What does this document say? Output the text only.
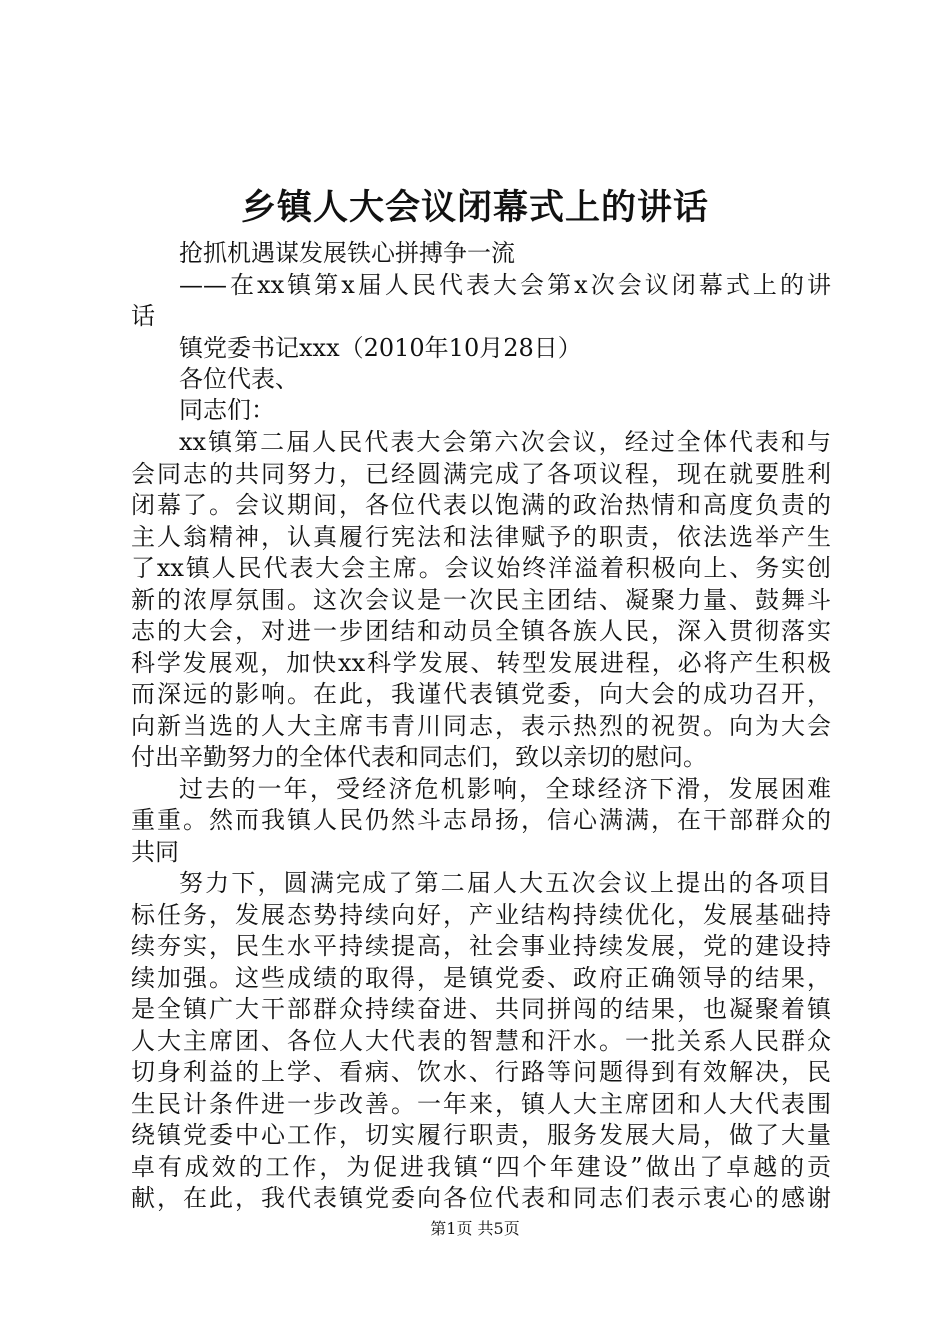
乡镇人大会议闭幕式上的讲话
抢抓机遇谋发展铁心拼搏争一流
——在xx镇第x届人民代表大会第x次会议闭幕式上的讲
话
镇党委书记xxx（2010年10月28日）
各位代表、
同志们：
xx镇第二届人民代表大会第六次会议，经过全体代表和与
会同志的共同努力，已经圆满完成了各项议程，现在就要胜利
闭幕了。会议期间，各位代表以饱满的政治热情和高度负责的
主人翁精神，认真履行宪法和法律赋予的职责，依法选举产生
了xx镇人民代表大会主席。会议始终洋溢着积极向上、务实创
新的浓厚氛围。这次会议是一次民主团结、凝聚力量、鼓舞斗
志的大会，对进一步团结和动员全镇各族人民，深入贯彻落实
科学发展观，加快xx科学发展、转型发展进程，必将产生积极
而深远的影响。在此，我谨代表镇党委，向大会的成功召开，
向新当选的人大主席韦青川同志，表示热烈的祝贺。向为大会
付出辛勤努力的全体代表和同志们，致以亲切的慰问。
过去的一年，受经济危机影响，全球经济下滑，发展困难
重重。然而我镇人民仍然斗志昂扬，信心满满，在干部群众的
共同
努力下，圆满完成了第二届人大五次会议上提出的各项目
标任务，发展态势持续向好，产业结构持续优化，发展基础持
续夯实，民生水平持续提高，社会事业持续发展，党的建设持
续加强。这些成绩的取得，是镇党委、政府正确领导的结果，
是全镇广大干部群众持续奋进、共同拼闯的结果，也凝聚着镇
人大主席团、各位人大代表的智慧和汗水。一批关系人民群众
切身利益的上学、看病、饮水、行路等问题得到有效解决，民
生民计条件进一步改善。一年来，镇人大主席团和人大代表围
绕镇党委中心工作，切实履行职责，服务发展大局，做了大量
卓有成效的工作，为促进我镇“四个年建设”做出了卓越的贡
献，在此，我代表镇党委向各位代表和同志们表示衷心的感谢
第1页 共5页
